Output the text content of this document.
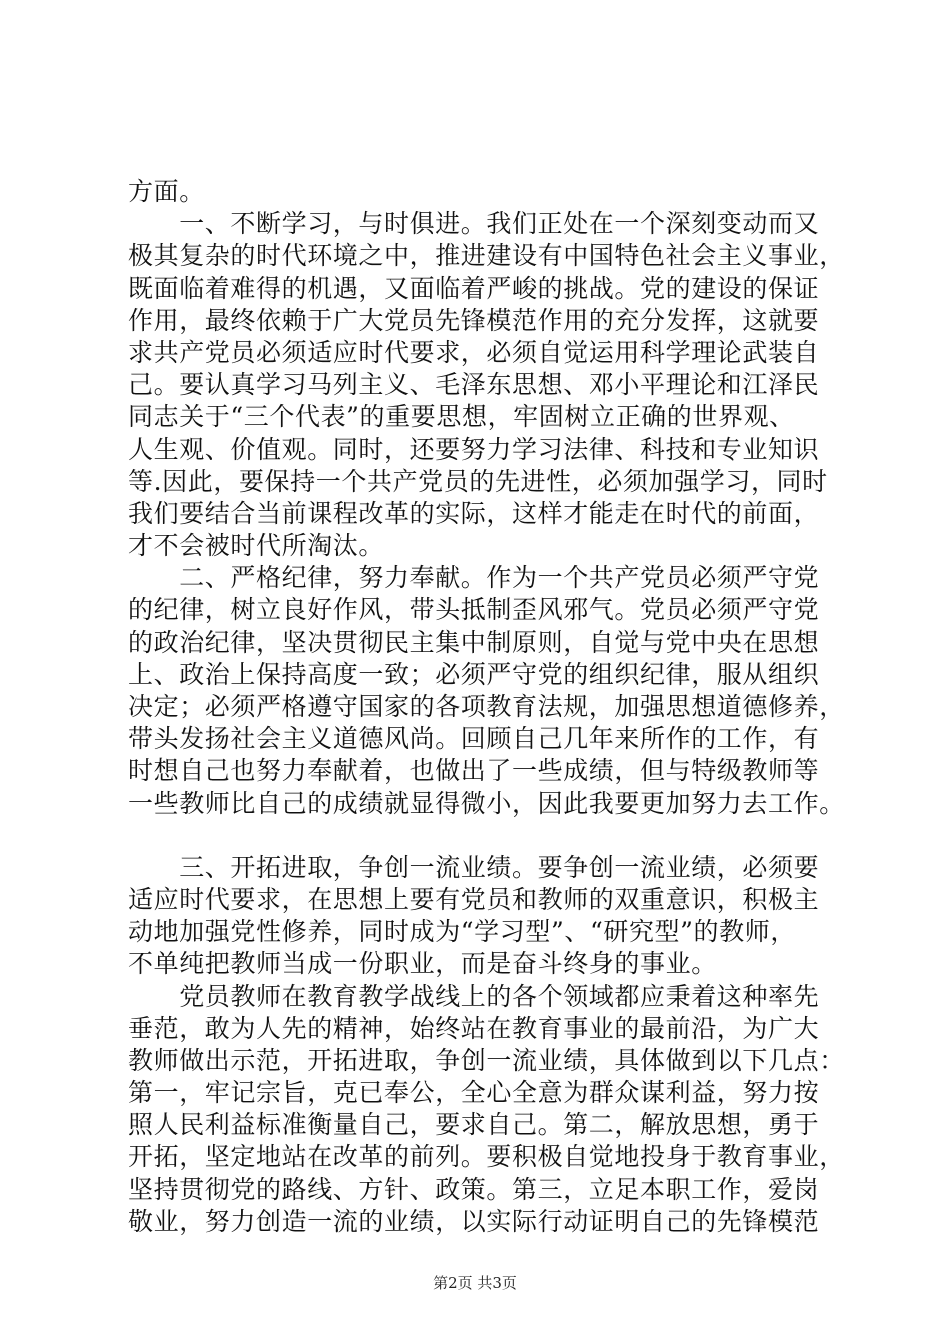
方面。
　　一、不断学习，与时俱进。我们正处在一个深刻变动而又
极其复杂的时代环境之中，推进建设有中国特色社会主义事业，
既面临着难得的机遇，又面临着严峻的挑战。党的建设的保证
作用，最终依赖于广大党员先锋模范作用的充分发挥，这就要
求共产党员必须适应时代要求，必须自觉运用科学理论武装自
己。要认真学习马列主义、毛泽东思想、邓小平理论和江泽民
同志关于“三个代表”的重要思想，牢固树立正确的世界观、
人生观、价值观。同时，还要努力学习法律、科技和专业知识
等.因此，要保持一个共产党员的先进性，必须加强学习，同时
我们要结合当前课程改革的实际，这样才能走在时代的前面，
才不会被时代所淘汰。
　　二、严格纪律，努力奉献。作为一个共产党员必须严守党
的纪律，树立良好作风，带头抵制歪风邪气。党员必须严守党
的政治纪律，坚决贯彻民主集中制原则，自觉与党中央在思想
上、政治上保持高度一致；必须严守党的组织纪律，服从组织
决定；必须严格遵守国家的各项教育法规，加强思想道德修养，
带头发扬社会主义道德风尚。回顾自己几年来所作的工作，有
时想自己也努力奉献着，也做出了一些成绩，但与特级教师等
一些教师比自己的成绩就显得微小，因此我要更加努力去工作。
　　三、开拓进取，争创一流业绩。要争创一流业绩，必须要
适应时代要求，在思想上要有党员和教师的双重意识，积极主
动地加强党性修养，同时成为“学习型”、“研究型”的教师，
不单纯把教师当成一份职业，而是奋斗终身的事业。
　　党员教师在教育教学战线上的各个领域都应秉着这种率先
垂范，敢为人先的精神，始终站在教育事业的最前沿，为广大
教师做出示范，开拓进取，争创一流业绩，具体做到以下几点：
第一，牢记宗旨，克已奉公，全心全意为群众谋利益，努力按
照人民利益标准衡量自己，要求自己。第二，解放思想，勇于
开拓，坚定地站在改革的前列。要积极自觉地投身于教育事业，
坚持贯彻党的路线、方针、政策。第三，立足本职工作，爱岗
敬业，努力创造一流的业绩，以实际行动证明自己的先锋模范
第2页 共3页
